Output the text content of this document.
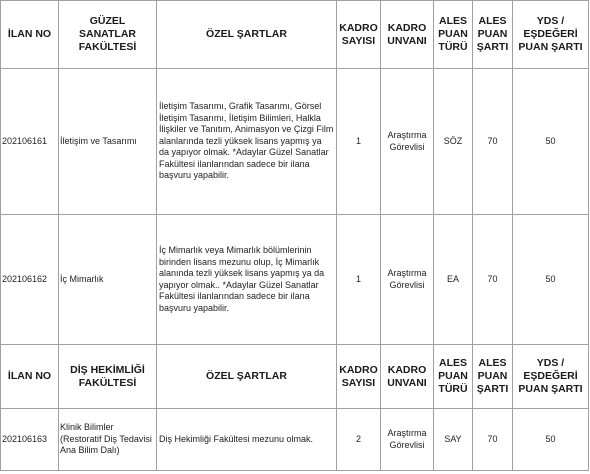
İLAN NO	GÜZEL SANATLAR FAKÜLTESİ	ÖZEL ŞARTLAR	KADRO SAYISI	KADRO UNVANI	ALES PUAN TÜRÜ	ALES PUAN ŞARTI	YDS / EŞDEĞERİ PUAN ŞARTI
202106161	İletişim ve Tasarımı	İletişim Tasarımı, Grafik Tasarımı, Görsel İletişim Tasarımı, İletişim Bilimleri, Halkla İlişkiler ve Tanıtım, Animasyon ve Çizgi Film alanlarında tezli yüksek lisans yapmış ya da yapıyor olmak. *Adaylar Güzel Sanatlar Fakültesi ilanlarından sadece bir ilana başvuru yapabilir.	1	Araştırma Görevlisi	SÖZ	70	50
202106162	İç Mimarlık	İç Mimarlık veya Mimarlık bölümlerinin birinden lisans mezunu olup, İç Mimarlık alanında tezli yüksek lisans yapmış ya da yapıyor olmak.. *Adaylar Güzel Sanatlar Fakültesi ilanlarından sadece bir ilana başvuru yapabilir.	1	Araştırma Görevlisi	EA	70	50
İLAN NO	DİŞ HEKİMLİĞİ FAKÜLTESİ	ÖZEL ŞARTLAR	KADRO SAYISI	KADRO UNVANI	ALES PUAN TÜRÜ	ALES PUAN ŞARTI	YDS / EŞDEĞERİ PUAN ŞARTI
202106163	Klinik Bilimler (Restoratif Diş Tedavisi Ana Bilim Dalı)	Diş Hekimliği Fakültesi mezunu olmak.	2	Araştırma Görevlisi	SAY	70	50
